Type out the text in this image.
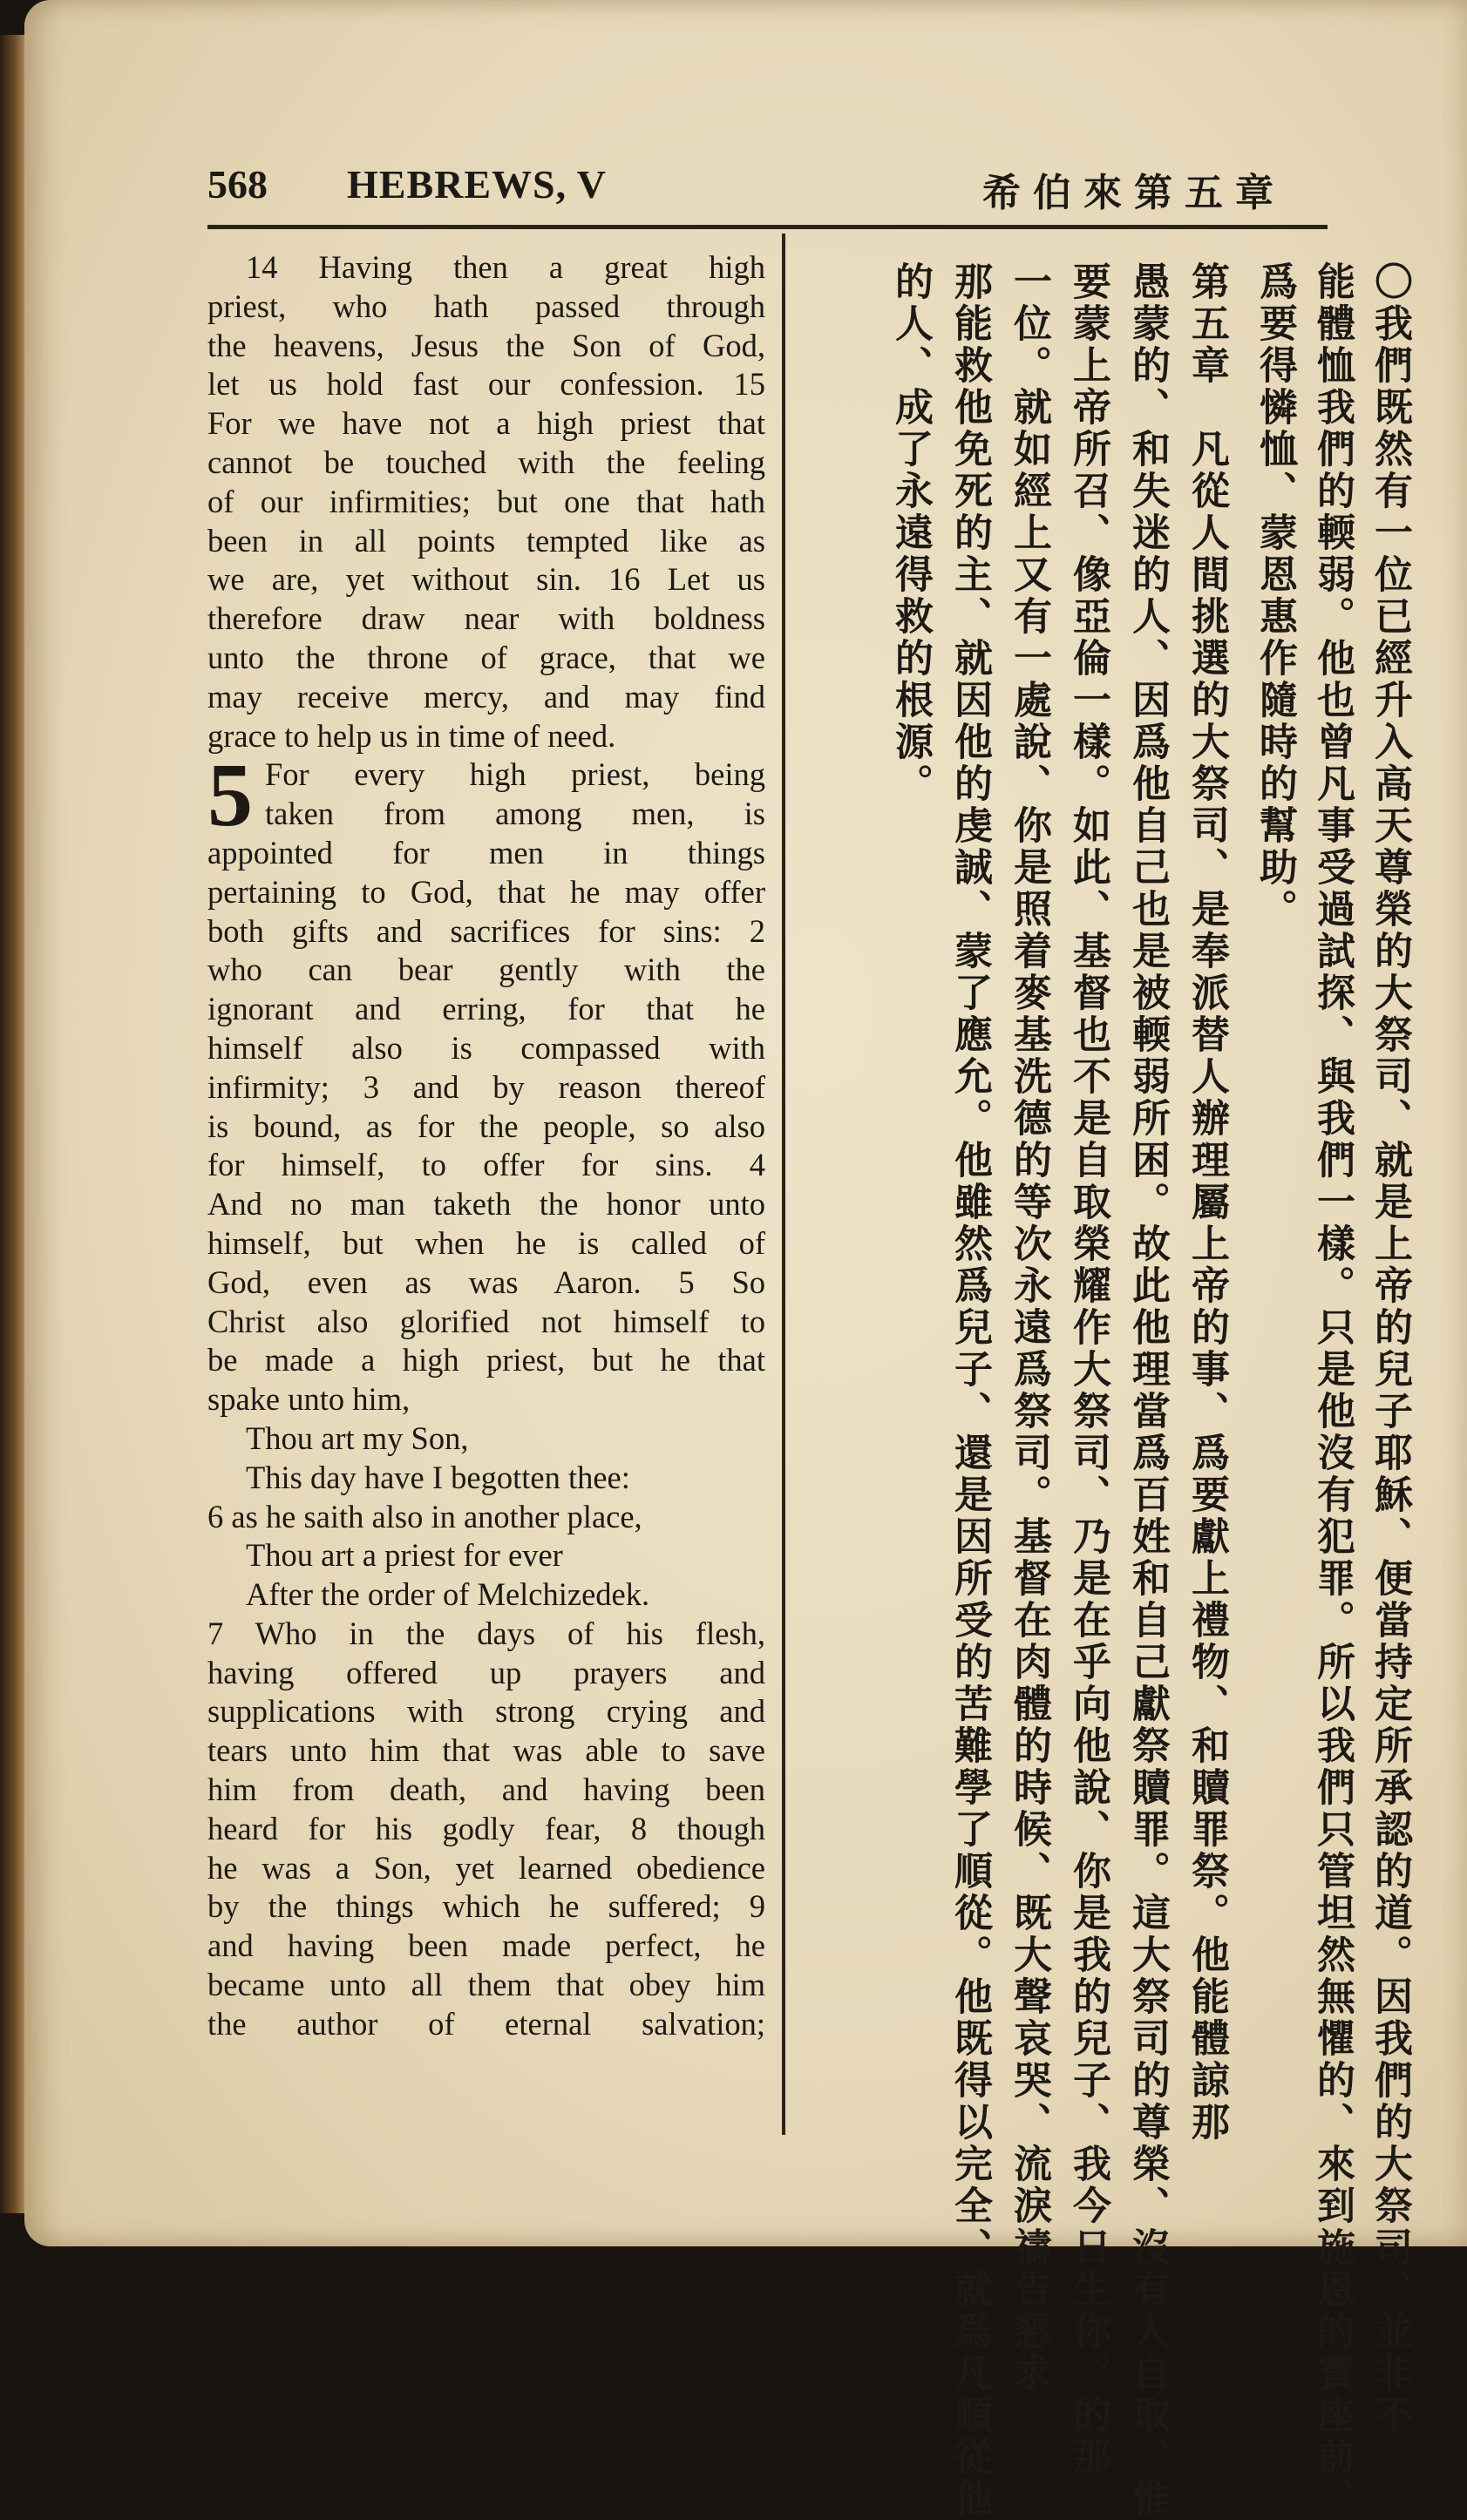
568 HEBREWS, V	希伯來第五章
14 Having then a great high
priest, who hath passed through
the heavens, Jesus the Son of God,
let us hold fast our confession. 15
For we have not a high priest that
cannot be touched with the feeling
of our infirmities; but one that hath
been in all points tempted like as
we are, yet without sin. 16 Let us
therefore draw near with boldness
unto the throne of grace, that we
may receive mercy, and may find
grace to help us in time of need.
5 For every high priest, being
taken from among men, is
appointed for men in things
pertaining to God, that he may offer
both gifts and sacrifices for sins: 2
who can bear gently with the
ignorant and erring, for that he
himself also is compassed with
infirmity; 3 and by reason thereof
is bound, as for the people, so also
for himself, to offer for sins. 4
And no man taketh the honor unto
himself, but when he is called of
God, even as was Aaron. 5 So
Christ also glorified not himself to
be made a high priest, but he that
spake unto him,
Thou art my Son,
This day have I begotten thee:
6 as he saith also in another place,
Thou art a priest for ever
After the order of Melchizedek.
7 Who in the days of his flesh,
having offered up prayers and
supplications with strong crying and
tears unto him that was able to save
him from death, and having been
heard for his godly fear, 8 though
he was a Son, yet learned obedience
by the things which he suffered; 9
and having been made perfect, he
became unto all them that obey him
the author of eternal salvation;	〇我們既然有一位已經升入高天尊榮的大祭司、就是上帝的兒子耶穌、便當持定所承認的道。因我們的大祭司、並非不
能體恤我們的輭弱。他也曾凡事受過試探、與我們一樣。只是他沒有犯罪。所以我們只管坦然無懼的、來到施恩的寶座前、
爲要得憐恤、蒙恩惠作隨時的幫助。
第五章　凡從人間挑選的大祭司、是奉派替人辦理屬上帝的事、爲要獻上禮物、和贖罪祭。他能體諒那
愚蒙的、和失迷的人、因爲他自己也是被輭弱所困。故此他理當爲百姓和自己獻祭贖罪。這大祭司的尊榮、沒有人自取、惟
要蒙上帝所召、像亞倫一樣。如此、基督也不是自取榮耀作大祭司、乃是在乎向他說、你是我的兒子、我今日生你。的那
一位。就如經上又有一處說、你是照着麥基洗德的等次永遠爲祭司。基督在肉體的時候、既大聲哀哭、流淚禱告懇求
那能救他免死的主、就因他的虔誠、蒙了應允。他雖然爲兒子、還是因所受的苦難學了順從。他既得以完全、就爲凡順從他
的人、成了永遠得救的根源。
